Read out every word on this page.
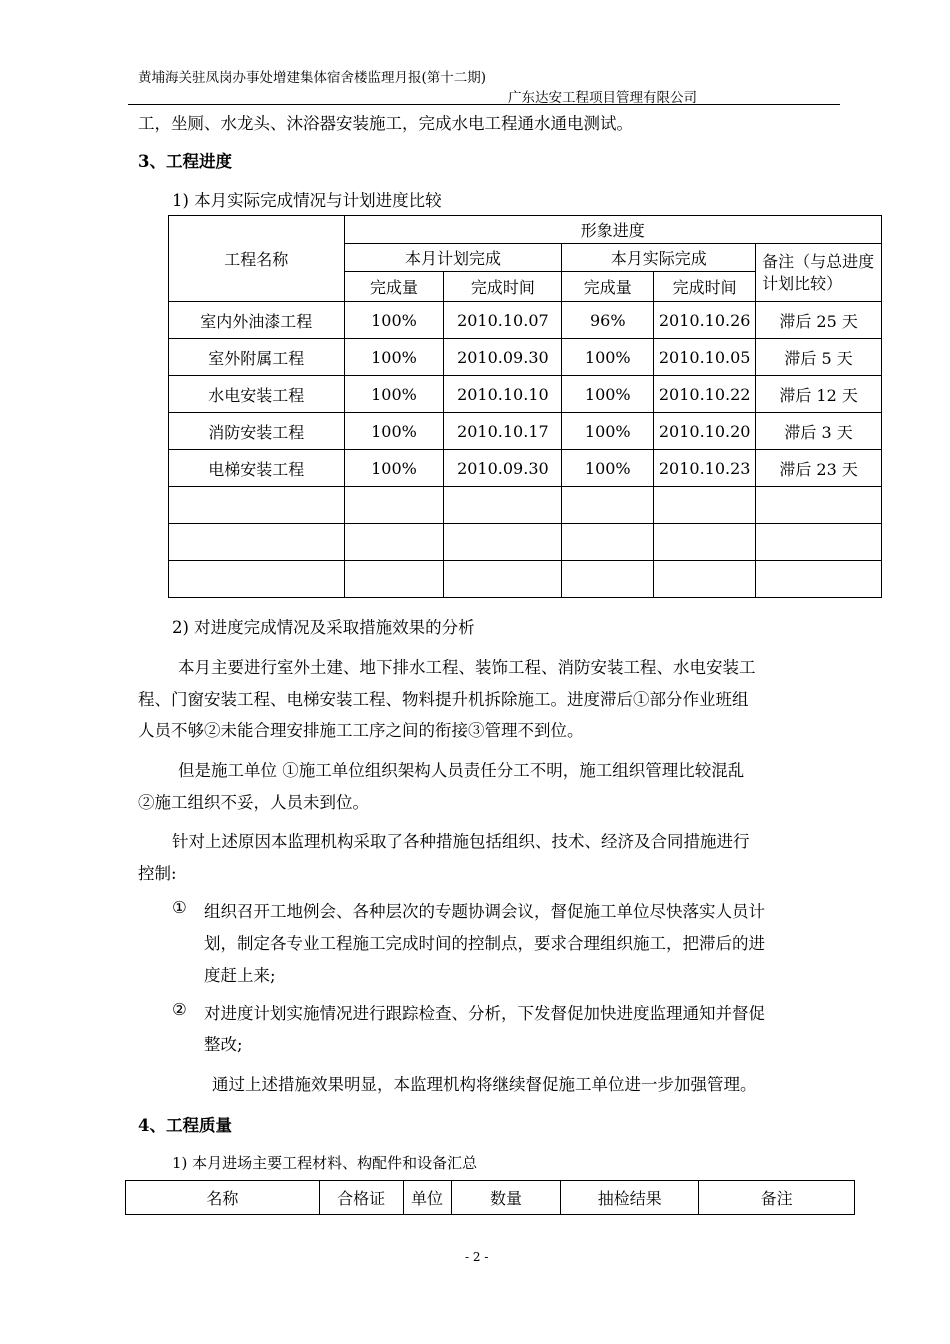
黄埔海关驻凤岗办事处增建集体宿舍楼监理月报(第十二期)
广东达安工程项目管理有限公司
工，坐厕、水龙头、沐浴器安装施工，完成水电工程通水通电测试。
3、工程进度
1) 本月实际完成情况与计划进度比较
工程名称	形象进度				
	本月计划完成		本月实际完成		备注（与总进度计划比较）
	完成量	完成时间	完成量	完成时间	
室内外油漆工程	100%	2010.10.07	96%	2010.10.26	滞后 25 天
室外附属工程	100%	2010.09.30	100%	2010.10.05	滞后 5 天
水电安装工程	100%	2010.10.10	100%	2010.10.22	滞后 12 天
消防安装工程	100%	2010.10.17	100%	2010.10.20	滞后 3 天
电梯安装工程	100%	2010.09.30	100%	2010.10.23	滞后 23 天

2) 对进度完成情况及采取措施效果的分析
本月主要进行室外土建、地下排水工程、装饰工程、消防安装工程、水电安装工
程、门窗安装工程、电梯安装工程、物料提升机拆除施工。进度滞后①部分作业班组
人员不够②未能合理安排施工工序之间的衔接③管理不到位。
但是施工单位 ①施工单位组织架构人员责任分工不明，施工组织管理比较混乱
②施工组织不妥，人员未到位。
针对上述原因本监理机构采取了各种措施包括组织、技术、经济及合同措施进行
控制:
① 组织召开工地例会、各种层次的专题协调会议，督促施工单位尽快落实人员计
划，制定各专业工程施工完成时间的控制点，要求合理组织施工，把滞后的进
度赶上来;
② 对进度计划实施情况进行跟踪检查、分析，下发督促加快进度监理通知并督促
整改;
通过上述措施效果明显，本监理机构将继续督促施工单位进一步加强管理。
4、工程质量
1) 本月进场主要工程材料、构配件和设备汇总
名称	合格证	单位	数量	抽检结果	备注
- 2 -
